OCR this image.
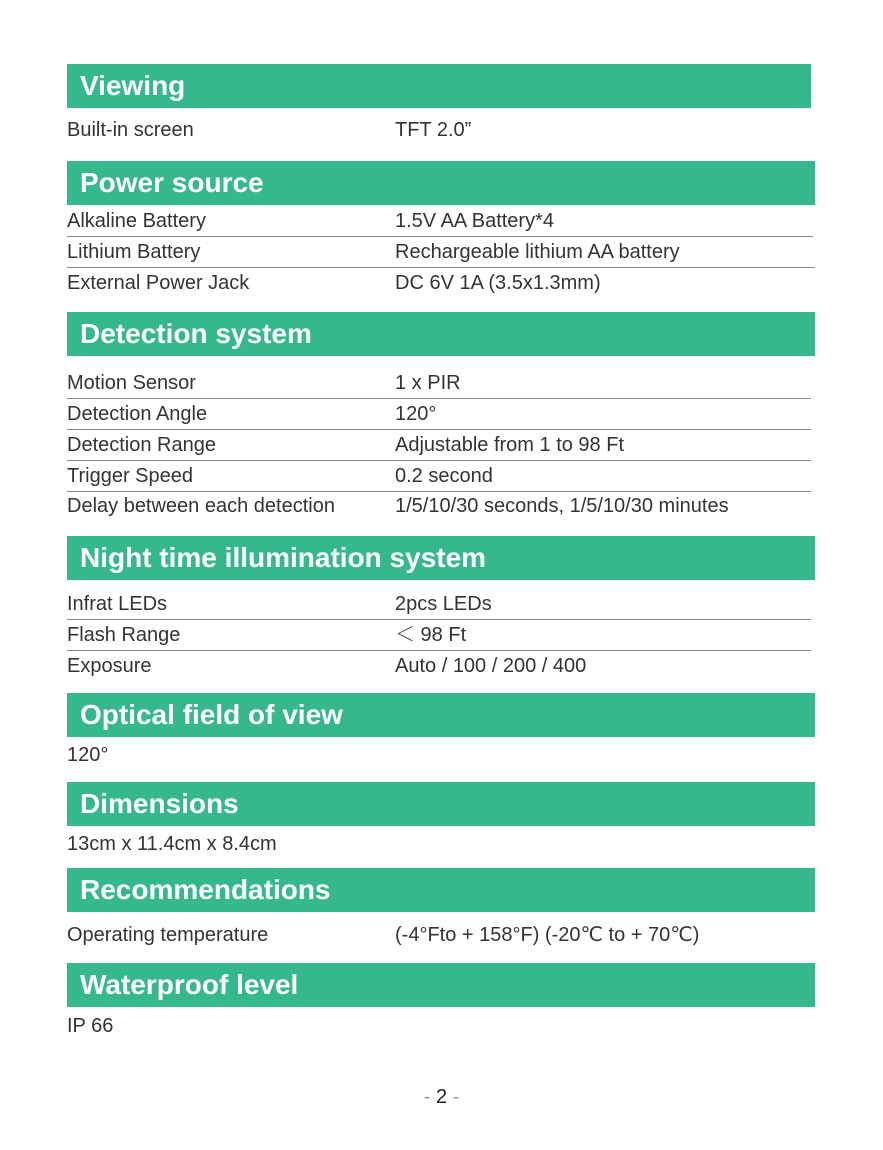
Viewing
Built-in screen	TFT 2.0”
Power source
Alkaline Battery	1.5V AA Battery*4
Lithium Battery	Rechargeable lithium AA battery
External Power Jack	DC 6V 1A (3.5x1.3mm)
Detection system
Motion Sensor	1 x PIR
Detection Angle	120°
Detection Range	Adjustable from 1 to 98 Ft
Trigger Speed	0.2 second
Delay between each detection	1/5/10/30 seconds, 1/5/10/30 minutes
Night time illumination system
Infrat LEDs	2pcs LEDs
Flash Range	＜ 98 Ft
Exposure	Auto / 100 / 200 / 400
Optical field of view
120°
Dimensions
13cm x 11.4cm x 8.4cm
Recommendations
Operating temperature	(-4°Fto + 158°F) (-20℃ to + 70℃)
Waterproof level
IP 66
- 2 -
